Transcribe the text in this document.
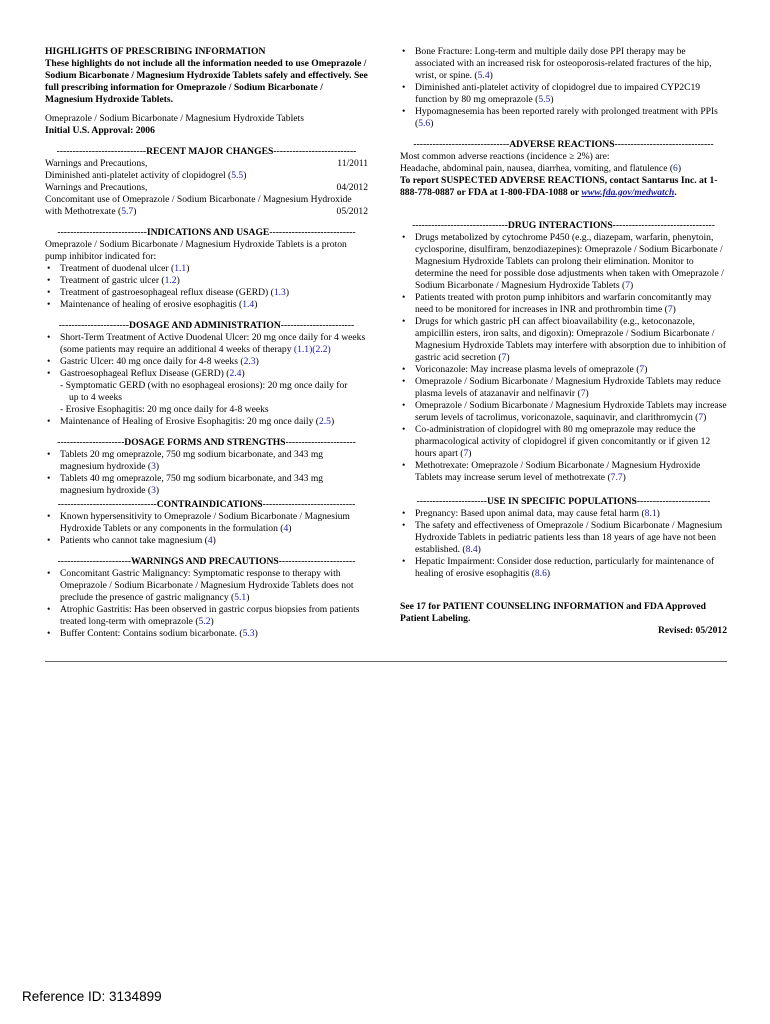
HIGHLIGHTS OF PRESCRIBING INFORMATION

These highlights do not include all the information needed to use Omeprazole / Sodium Bicarbonate / Magnesium Hydroxide Tablets safely and effectively. See full prescribing information for Omeprazole / Sodium Bicarbonate / Magnesium Hydroxide Tablets.

Omeprazole / Sodium Bicarbonate / Magnesium Hydroxide Tablets

Initial U.S. Approval: 2006

----------------------------RECENT MAJOR CHANGES--------------------------

Warnings and Precautions,	11/2011

Diminished anti-platelet activity of clopidogrel (5.5)

Warnings and Precautions,	04/2012

Concomitant use of Omeprazole / Sodium Bicarbonate / Magnesium Hydroxide

with Methotrexate (5.7)	05/2012

----------------------------INDICATIONS AND USAGE---------------------------

Omeprazole / Sodium Bicarbonate / Magnesium Hydroxide Tablets is a proton pump inhibitor indicated for:

• Treatment of duodenal ulcer (1.1)
• Treatment of gastric ulcer (1.2)
• Treatment of gastroesophageal reflux disease (GERD) (1.3)
• Maintenance of healing of erosive esophagitis (1.4)

----------------------DOSAGE AND ADMINISTRATION-----------------------

• Short-Term Treatment of Active Duodenal Ulcer: 20 mg once daily for 4 weeks (some patients may require an additional 4 weeks of therapy (1.1)(2.2)
• Gastric Ulcer: 40 mg once daily for 4-8 weeks (2.3)
• Gastroesophageal Reflux Disease (GERD) (2.4)

- Symptomatic GERD (with no esophageal erosions): 20 mg once daily for

up to 4 weeks

- Erosive Esophagitis: 20 mg once daily for 4-8 weeks

• Maintenance of Healing of Erosive Esophagitis: 20 mg once daily (2.5)

---------------------DOSAGE FORMS AND STRENGTHS----------------------

• Tablets 20 mg omeprazole, 750 mg sodium bicarbonate, and 343 mg magnesium hydroxide (3)
• Tablets 40 mg omeprazole, 750 mg sodium bicarbonate, and 343 mg magnesium hydroxide (3)

-------------------------------CONTRAINDICATIONS-----------------------------

• Known hypersensitivity to Omeprazole / Sodium Bicarbonate / Magnesium Hydroxide Tablets or any components in the formulation (4)
• Patients who cannot take magnesium (4)

-----------------------WARNINGS AND PRECAUTIONS------------------------

• Concomitant Gastric Malignancy: Symptomatic response to therapy with Omeprazole / Sodium Bicarbonate / Magnesium Hydroxide Tablets does not preclude the presence of gastric malignancy (5.1)
• Atrophic Gastritis: Has been observed in gastric corpus biopsies from patients treated long-term with omeprazole (5.2)
• Buffer Content: Contains sodium bicarbonate. (5.3)
• Bone Fracture: Long-term and multiple daily dose PPI therapy may be associated with an increased risk for osteoporosis-related fractures of the hip, wrist, or spine. (5.4)
• Diminished anti-platelet activity of clopidogrel due to impaired CYP2C19 function by 80 mg omeprazole (5.5)
• Hypomagnesemia has been reported rarely with prolonged treatment with PPIs (5.6)

------------------------------ADVERSE REACTIONS-------------------------------

Most common adverse reactions (incidence ≥ 2%) are:

Headache, abdominal pain, nausea, diarrhea, vomiting, and flatulence (6)

To report SUSPECTED ADVERSE REACTIONS, contact Santarus Inc. at 1-888-778-0887 or FDA at 1-800-FDA-1088 or www.fda.gov/medwatch.

------------------------------DRUG INTERACTIONS--------------------------------

• Drugs metabolized by cytochrome P450 (e.g., diazepam, warfarin, phenytoin, cyclosporine, disulfiram, benzodiazepines): Omeprazole / Sodium Bicarbonate / Magnesium Hydroxide Tablets can prolong their elimination. Monitor to determine the need for possible dose adjustments when taken with Omeprazole / Sodium Bicarbonate / Magnesium Hydroxide Tablets (7)
• Patients treated with proton pump inhibitors and warfarin concomitantly may need to be monitored for increases in INR and prothrombin time (7)
• Drugs for which gastric pH can affect bioavailability (e.g., ketoconazole, ampicillin esters, iron salts, and digoxin): Omeprazole / Sodium Bicarbonate / Magnesium Hydroxide Tablets may interfere with absorption due to inhibition of gastric acid secretion (7)
• Voriconazole: May increase plasma levels of omeprazole (7)
• Omeprazole / Sodium Bicarbonate / Magnesium Hydroxide Tablets may reduce plasma levels of atazanavir and nelfinavir (7)
• Omeprazole / Sodium Bicarbonate / Magnesium Hydroxide Tablets may increase serum levels of tacrolimus, voriconazole, saquinavir, and clarithromycin (7)
• Co-administration of clopidogrel with 80 mg omeprazole may reduce the pharmacological activity of clopidogrel if given concomitantly or if given 12 hours apart (7)
• Methotrexate: Omeprazole / Sodium Bicarbonate / Magnesium Hydroxide Tablets may increase serum level of methotrexate (7.7)

----------------------USE IN SPECIFIC POPULATIONS-----------------------

• Pregnancy: Based upon animal data, may cause fetal harm (8.1)
• The safety and effectiveness of Omeprazole / Sodium Bicarbonate / Magnesium Hydroxide Tablets in pediatric patients less than 18 years of age have not been established. (8.4)
• Hepatic Impairment: Consider dose reduction, particularly for maintenance of healing of erosive esophagitis (8.6)

See 17 for PATIENT COUNSELING INFORMATION and FDA Approved Patient Labeling.

Revised: 05/2012

Reference ID: 3134899
